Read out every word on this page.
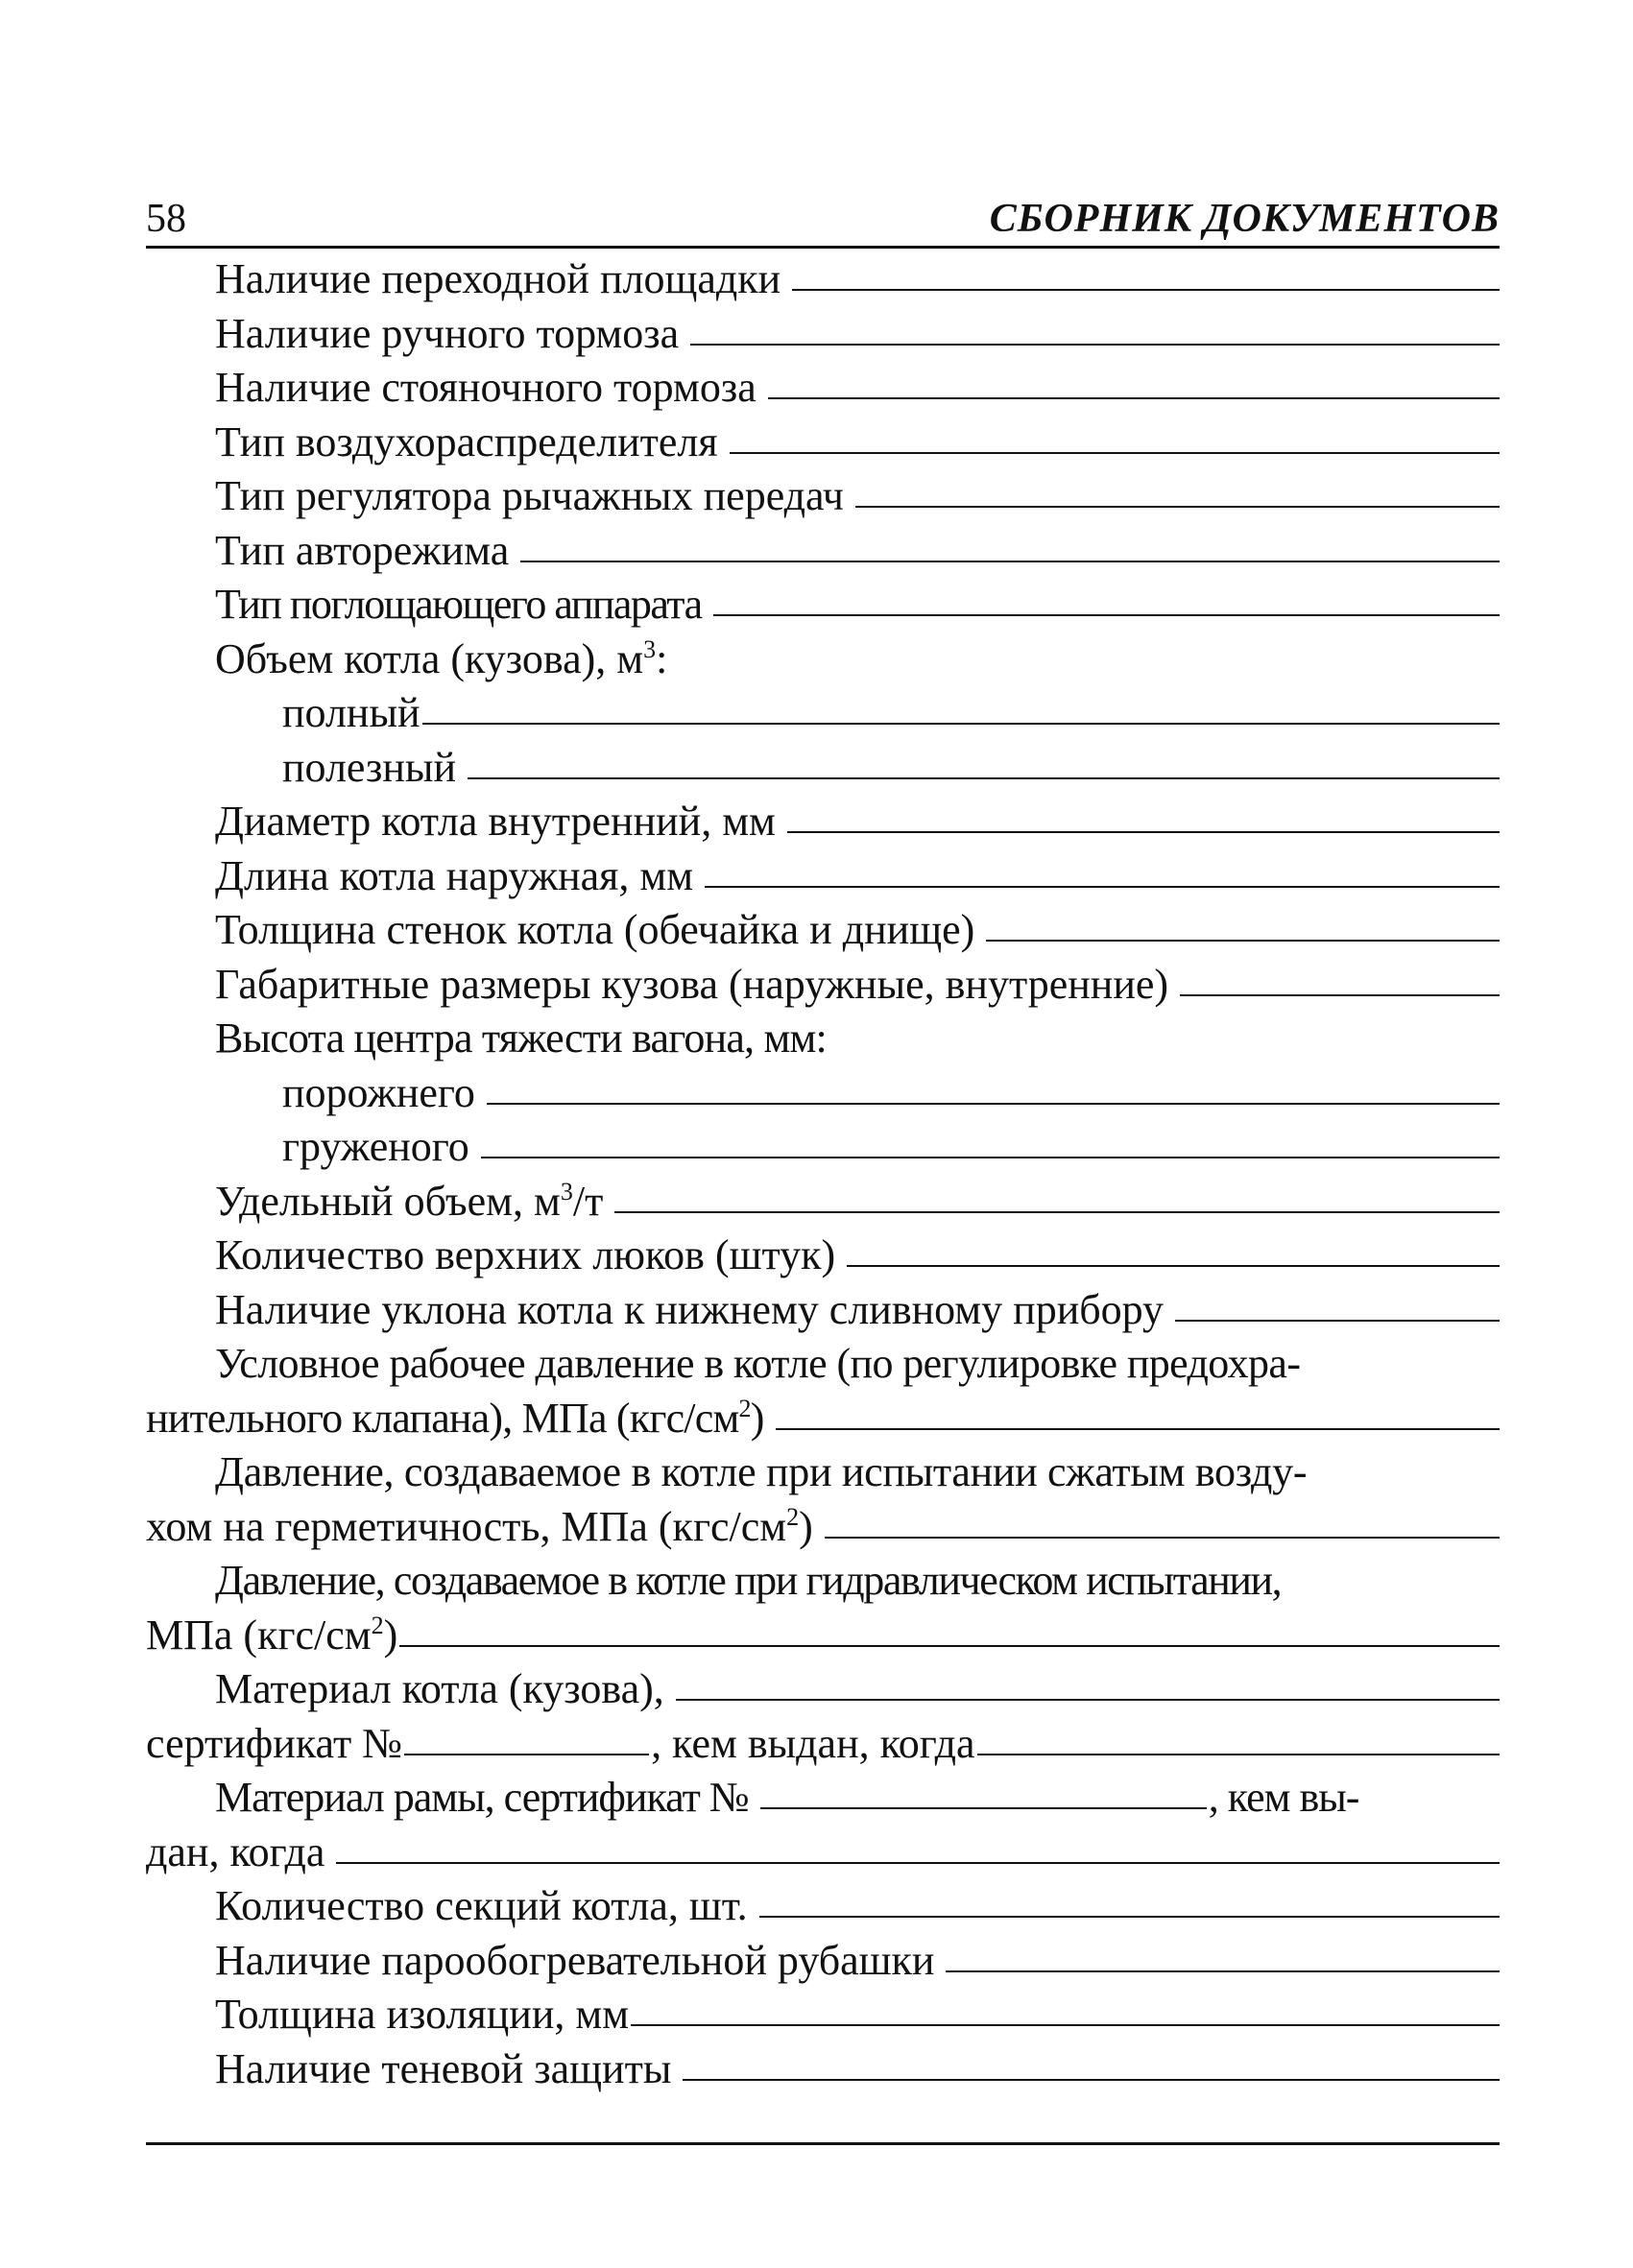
58	СБОРНИК ДОКУМЕНТОВ
Наличие переходной площадки
Наличие ручного тормоза
Наличие стояночного тормоза
Тип воздухораспределителя
Тип регулятора рычажных передач
Тип авторежима
Тип поглощающего аппарата
Объем котла (кузова), $м^3$:
полный
полезный
Диаметр котла внутренний, мм
Длина котла наружная, мм
Толщина стенок котла (обечайка и днище)
Габаритные размеры кузова (наружные, внутренние)
Высота центра тяжести вагона, мм:
порожнего
груженого
Удельный объем, $м^3/т$
Количество верхних люков (штук)
Наличие уклона котла к нижнему сливному прибору
Условное рабочее давление в котле (по регулировке предохра-
нительного клапана), МПа $(кгс/см^2)$
Давление, создаваемое в котле при испытании сжатым возду-
хом на герметичность, МПа $(кгс/см^2)$
Давление, создаваемое в котле при гидравлическом испытании,
МПа $(кгс/см^2)$
Материал котла (кузова),
сертификат №	, кем выдан, когда
Материал рамы, сертификат №	, кем вы-
дан, когда
Количество секций котла, шт.
Наличие парообогревательной рубашки
Толщина изоляции, мм
Наличие теневой защиты
